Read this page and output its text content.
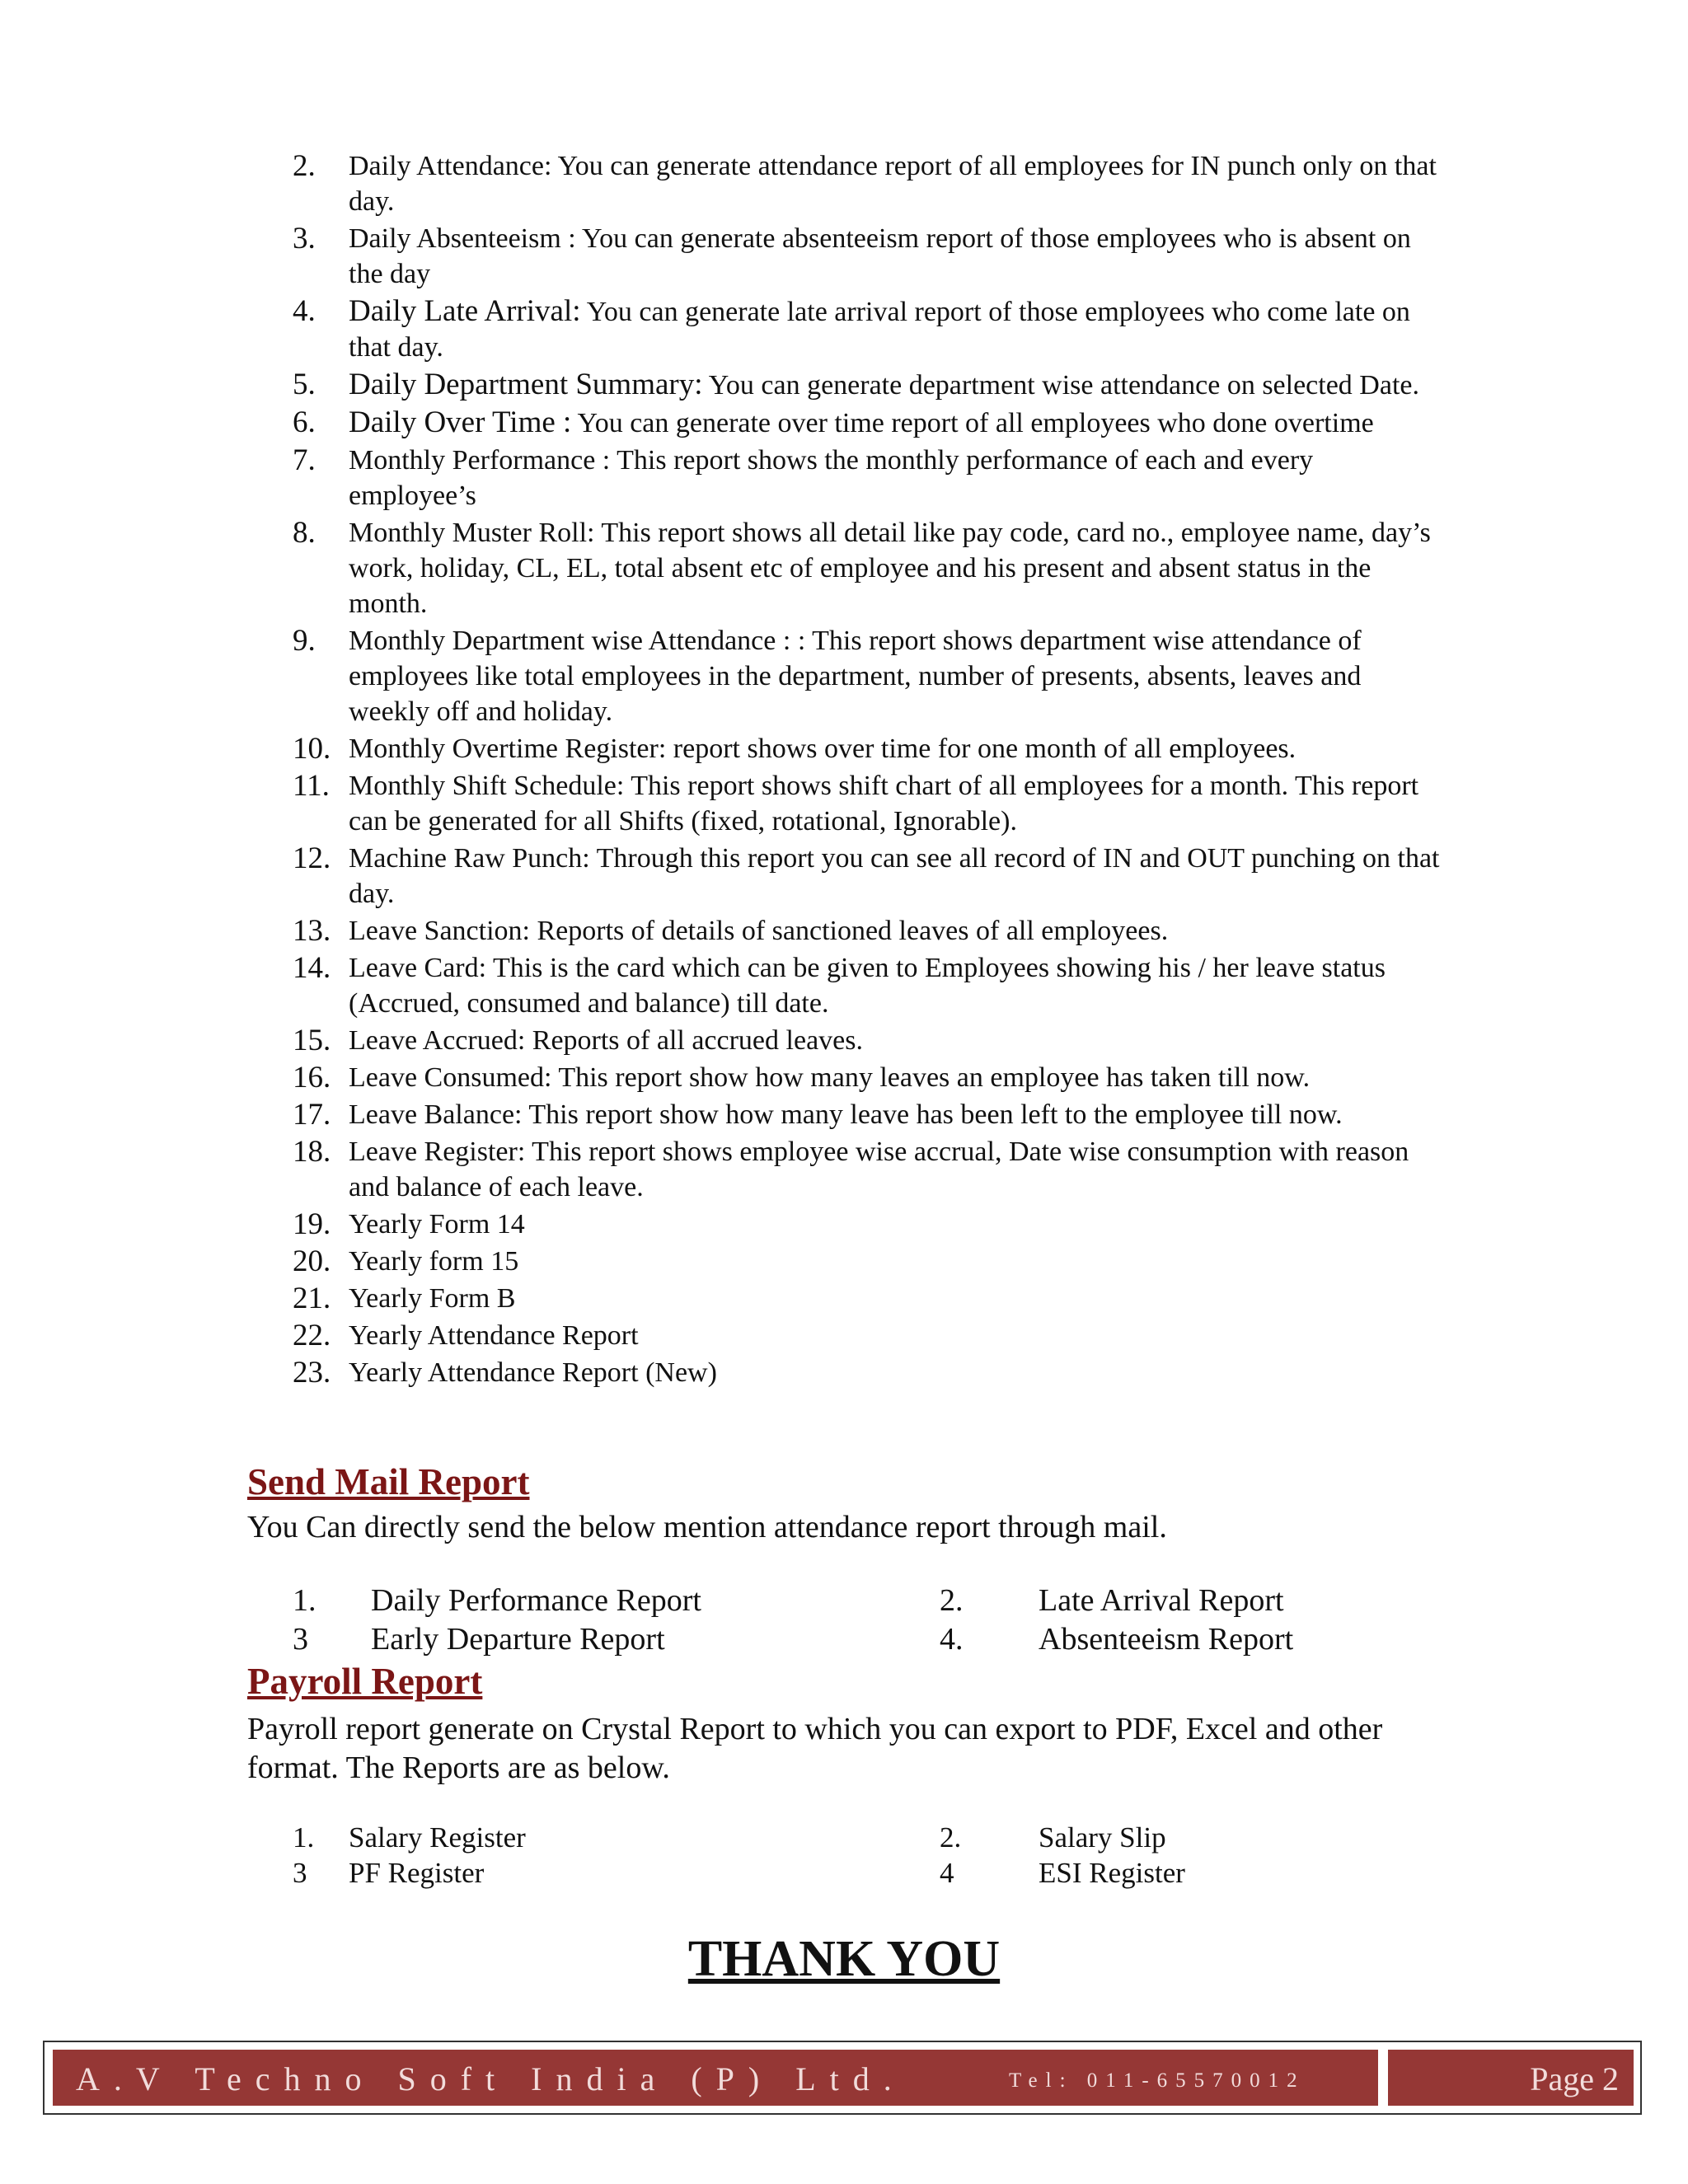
2.	Daily Attendance: You can generate attendance report of all employees for IN punch only on that day.
3.	Daily Absenteeism : You can generate absenteeism report of those employees who is absent on the day
4.	Daily Late Arrival: You can generate late arrival report of those employees who come late on that day.
5.	Daily Department Summary: You can generate department wise attendance on selected Date.
6.	Daily Over Time : You can generate over time report of all employees who done overtime
7.	Monthly Performance : This report shows the monthly performance of each and every employee’s
8.	Monthly Muster Roll: This report shows all detail like pay code, card no., employee name, day’s work, holiday, CL, EL, total absent etc of employee and his present and absent status in the month.
9.	Monthly Department wise Attendance : : This report shows department wise attendance of employees like total employees in the department, number of presents, absents, leaves and weekly off and holiday.
10. Monthly Overtime Register: report shows over time for one month of all employees.
11. Monthly Shift Schedule: This report shows shift chart of all employees for a month. This report can be generated for all Shifts (fixed, rotational, Ignorable).
12. Machine Raw Punch: Through this report you can see all record of IN and OUT punching on that day.
13. Leave Sanction: Reports of details of sanctioned leaves of all employees.
14. Leave Card: This is the card which can be given to Employees showing his / her leave status (Accrued, consumed and balance) till date.
15. Leave Accrued: Reports of all accrued leaves.
16. Leave Consumed: This report show how many leaves an employee has taken till now.
17. Leave Balance: This report show how many leave has been left to the employee till now.
18. Leave Register: This report shows employee wise accrual, Date wise consumption with reason and balance of each leave.
19. Yearly Form 14
20. Yearly form 15
21. Yearly Form B
22. Yearly Attendance Report
23. Yearly Attendance Report (New)
Send Mail Report
You Can directly send the below mention attendance report through mail.
1. Daily Performance Report	2. Late Arrival Report
3 Early Departure Report	4. Absenteeism Report
Payroll Report
Payroll report generate on Crystal Report to which you can export to PDF, Excel and other format. The Reports are as below.
1. Salary Register	2.	Salary Slip
3 PF Register	4	ESI Register
THANK YOU
A.V Techno Soft India (P) Ltd.	Tel: 011-65570012	Page 2
